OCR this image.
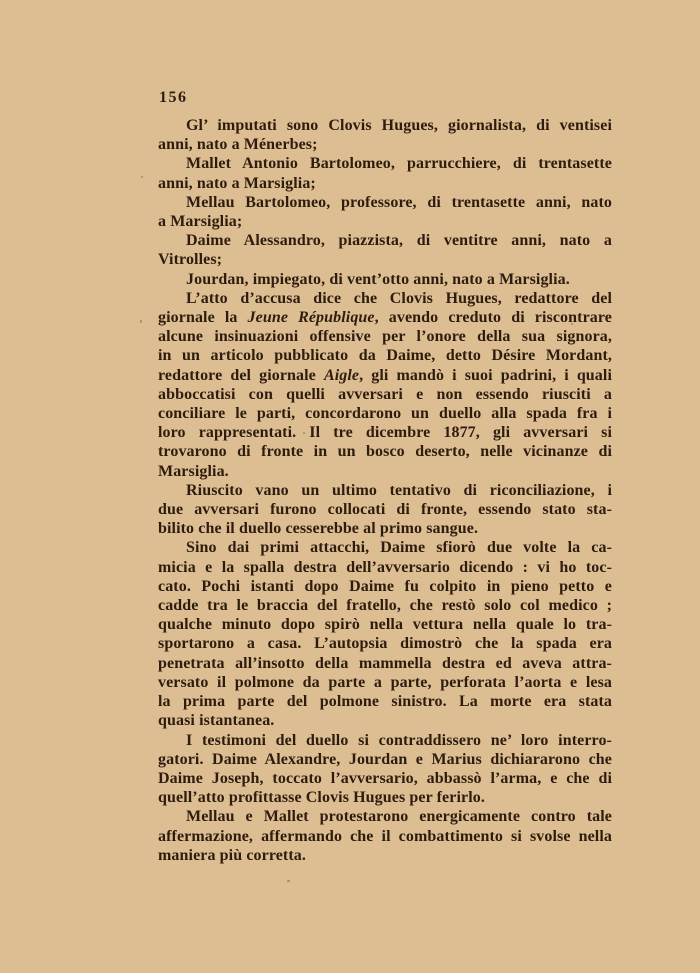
156
Gl’ imputati sono Clovis Hugues, giornalista, di ventisei
anni, nato a Ménerbes;
Mallet Antonio Bartolomeo, parrucchiere, di trentasette
anni, nato a Marsiglia;
Mellau Bartolomeo, professore, di trentasette anni, nato
a Marsiglia;
Daime Alessandro, piazzista, di ventitre anni, nato a
Vitrolles;
Jourdan, impiegato, di vent’otto anni, nato a Marsiglia.
L’atto d’accusa dice che Clovis Hugues, redattore del
giornale la Jeune République, avendo creduto di riscontrare
alcune insinuazioni offensive per l’onore della sua signora,
in un articolo pubblicato da Daime, detto Désire Mordant,
redattore del giornale Aigle, gli mandò i suoi padrini, i quali
abboccatisi con quelli avversari e non essendo riusciti a
conciliare le parti, concordarono un duello alla spada fra i
loro rappresentati. Il tre dicembre 1877, gli avversari si
trovarono di fronte in un bosco deserto, nelle vicinanze di
Marsiglia.
Riuscito vano un ultimo tentativo di riconciliazione, i
due avversari furono collocati di fronte, essendo stato sta-
bilito che il duello cesserebbe al primo sangue.
Sino dai primi attacchi, Daime sfiorò due volte la ca-
micia e la spalla destra dell’avversario dicendo : vi ho toc-
cato. Pochi istanti dopo Daime fu colpito in pieno petto e
cadde tra le braccia del fratello, che restò solo col medico ;
qualche minuto dopo spirò nella vettura nella quale lo tra-
sportarono a casa. L’autopsia dimostrò che la spada era
penetrata all’insotto della mammella destra ed aveva attra-
versato il polmone da parte a parte, perforata l’aorta e lesa
la prima parte del polmone sinistro. La morte era stata
quasi istantanea.
I testimoni del duello si contraddissero ne’ loro interro-
gatori. Daime Alexandre, Jourdan e Marius dichiararono che
Daime Joseph, toccato l’avversario, abbassò l’arma, e che di
quell’atto profittasse Clovis Hugues per ferirlo.
Mellau e Mallet protestarono energicamente contro tale
affermazione, affermando che il combattimento si svolse nella
maniera più corretta.
